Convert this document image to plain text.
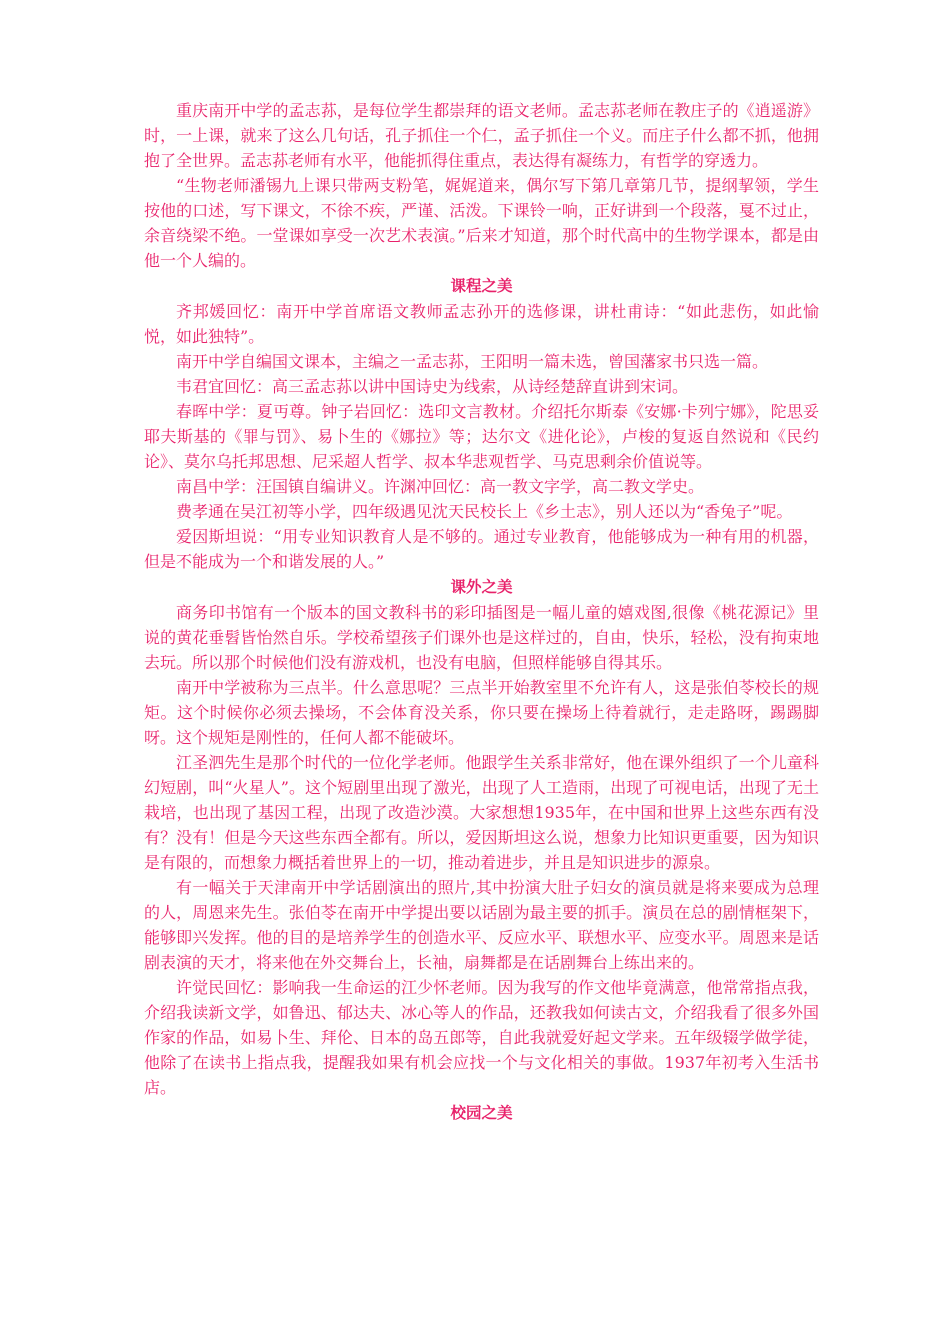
重庆南开中学的孟志荪，是每位学生都崇拜的语文老师。孟志荪老师在教庄子的《逍遥游》时，一上课，就来了这么几句话，孔子抓住一个仁，孟子抓住一个义。而庄子什么都不抓，他拥抱了全世界。孟志荪老师有水平，他能抓得住重点，表达得有凝练力，有哲学的穿透力。

“生物老师潘锡九上课只带两支粉笔，娓娓道来，偶尔写下第几章第几节，提纲挈领，学生按他的口述，写下课文，不徐不疾，严谨、活泼。下课铃一响，正好讲到一个段落，戛不过止，余音绕梁不绝。一堂课如享受一次艺术表演。”后来才知道，那个时代高中的生物学课本，都是由他一个人编的。

课程之美

齐邦媛回忆：南开中学首席语文教师孟志孙开的选修课，讲杜甫诗：“如此悲伤，如此愉悦，如此独特”。

南开中学自编国文课本，主编之一孟志荪，王阳明一篇未选，曾国藩家书只选一篇。

韦君宜回忆：高三孟志荪以讲中国诗史为线索，从诗经楚辞直讲到宋词。

春晖中学：夏丏尊。钟子岩回忆：选印文言教材。介绍托尔斯泰《安娜·卡列宁娜》，陀思妥耶夫斯基的《罪与罚》、易卜生的《娜拉》等；达尔文《进化论》，卢梭的复返自然说和《民约论》、莫尔乌托邦思想、尼采超人哲学、叔本华悲观哲学、马克思剩余价值说等。

南昌中学：汪国镇自编讲义。许渊冲回忆：高一教文字学，高二教文学史。

费孝通在吴江初等小学，四年级遇见沈天民校长上《乡土志》，别人还以为“香兔子”呢。

爱因斯坦说：“用专业知识教育人是不够的。通过专业教育，他能够成为一种有用的机器，但是不能成为一个和谐发展的人。”

课外之美

商务印书馆有一个版本的国文教科书的彩印插图是一幅儿童的嬉戏图,很像《桃花源记》里说的黄花垂髫皆怡然自乐。学校希望孩子们课外也是这样过的，自由，快乐，轻松，没有拘束地去玩。所以那个时候他们没有游戏机，也没有电脑，但照样能够自得其乐。

南开中学被称为三点半。什么意思呢？三点半开始教室里不允许有人，这是张伯苓校长的规矩。这个时候你必须去操场，不会体育没关系，你只要在操场上待着就行，走走路呀，踢踢脚呀。这个规矩是刚性的，任何人都不能破坏。

江圣泗先生是那个时代的一位化学老师。他跟学生关系非常好，他在课外组织了一个儿童科幻短剧，叫“火星人”。这个短剧里出现了激光，出现了人工造雨，出现了可视电话，出现了无土栽培，也出现了基因工程，出现了改造沙漠。大家想想1935年，在中国和世界上这些东西有没有？没有！但是今天这些东西全都有。所以，爱因斯坦这么说，想象力比知识更重要，因为知识是有限的，而想象力概括着世界上的一切，推动着进步，并且是知识进步的源泉。

有一幅关于天津南开中学话剧演出的照片,其中扮演大肚子妇女的演员就是将来要成为总理的人，周恩来先生。张伯苓在南开中学提出要以话剧为最主要的抓手。演员在总的剧情框架下，能够即兴发挥。他的目的是培养学生的创造水平、反应水平、联想水平、应变水平。周恩来是话剧表演的天才，将来他在外交舞台上，长袖，扇舞都是在话剧舞台上练出来的。

许觉民回忆：影响我一生命运的江少怀老师。因为我写的作文他毕竟满意，他常常指点我，介绍我读新文学，如鲁迅、郁达夫、冰心等人的作品，还教我如何读古文，介绍我看了很多外国作家的作品，如易卜生、拜伦、日本的岛五郎等，自此我就爱好起文学来。五年级辍学做学徒，他除了在读书上指点我，提醒我如果有机会应找一个与文化相关的事做。1937年初考入生活书店。

校园之美
